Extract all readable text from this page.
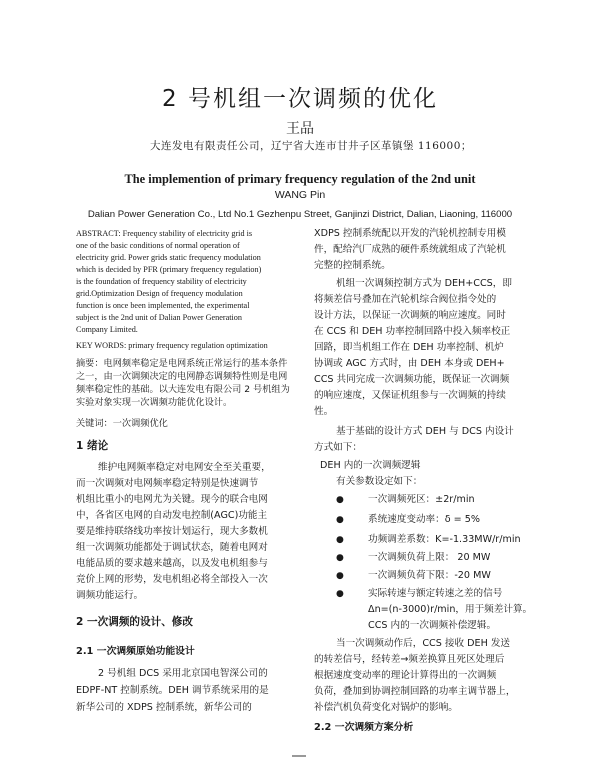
2 号机组一次调频的优化
王品
大连发电有限责任公司，辽宁省大连市甘井子区革镇堡 116000；
The implemention of primary frequency regulation of the 2nd unit
WANG Pin
Dalian Power Generation Co., Ltd No.1 Gezhenpu Street, Ganjinzi District, Dalian, Liaoning, 116000
ABSTRACT: Frequency stability of electricity grid is
one of the basic conditions of normal operation of
electricity grid. Power grids static frequency modulation
which is decided by PFR (primary frequency regulation)
is the foundation of frequency stability of electricity
grid.Optimization Design of frequency modulation
function is once been implemented, the experimental
subject is the 2nd unit of Dalian Power Generation
Company Limited.
KEY WORDS: primary frequency regulation optimization
摘要：电网频率稳定是电网系统正常运行的基本条件
之一，由一次调频决定的电网静态调频特性则是电网
频率稳定性的基础。以大连发电有限公司 2 号机组为
实验对象实现一次调频功能优化设计。
关键词：一次调频优化
1 绪论
维护电网频率稳定对电网安全至关重要，
而一次调频对电网频率稳定特别是快速调节
机组比重小的电网尤为关键。现今的联合电网
中，各省区电网的自动发电控制(AGC)功能主
要是维持联络线功率按计划运行，现大多数机
组一次调频功能都处于调试状态，随着电网对
电能品质的要求越来越高，以及发电机组参与
竞价上网的形势，发电机组必将全部投入一次
调频功能运行。
2 一次调频的设计、修改
2.1 一次调频原始功能设计
2 号机组 DCS 采用北京国电智深公司的
EDPF-NT 控制系统。DEH 调节系统采用的是
新华公司的 XDPS 控制系统，新华公司的
XDPS 控制系统配以开发的汽轮机控制专用模
件，配给汽厂成熟的硬件系统就组成了汽轮机
完整的控制系统。
机组一次调频控制方式为 DEH+CCS，即
将频差信号叠加在汽轮机综合阀位指令处的
设计方法，以保证一次调频的响应速度。同时
在 CCS 和 DEH 功率控制回路中投入频率校正
回路，即当机组工作在 DEH 功率控制、机炉
协调或 AGC 方式时，由 DEH 本身或 DEH+
CCS 共同完成一次调频功能，既保证一次调频
的响应速度，又保证机组参与一次调频的持续
性。
基于基础的设计方式 DEH 与 DCS 内设计
方式如下：
DEH 内的一次调频逻辑
有关参数设定如下：
●	一次调频死区：±2r/min
●	系统速度变动率：δ = 5%
●	功频调差系数：K=-1.33MW/r/min
●	一次调频负荷上限： 20 MW
●	一次调频负荷下限：-20 MW
●	实际转速与额定转速之差的信号
Δn=(n-3000)r/min，用于频差计算。
CCS 内的一次调频补偿逻辑。
当一次调频动作后，CCS 接收 DEH 发送
的转差信号，经转差→频差换算且死区处理后
根据速度变动率的理论计算得出的一次调频
负荷，叠加到协调控制回路的功率主调节器上，
补偿汽机负荷变化对锅炉的影响。
2.2 一次调频方案分析
